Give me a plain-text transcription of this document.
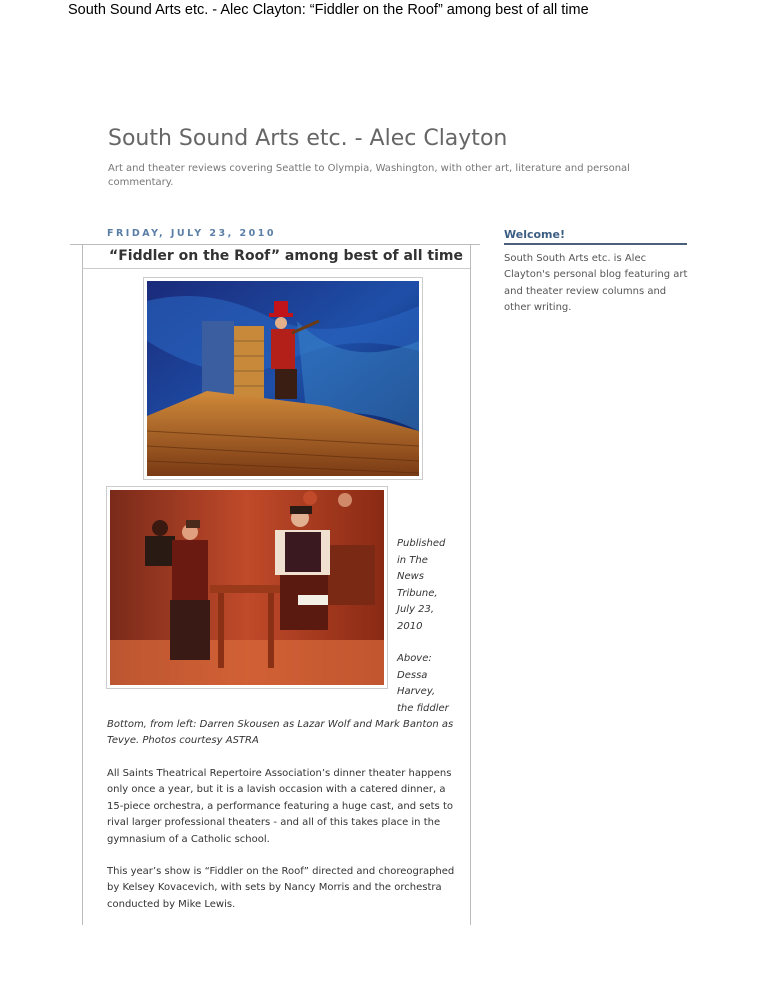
South Sound Arts etc. - Alec Clayton: “Fiddler on the Roof” among best of all time
South Sound Arts etc. - Alec Clayton
Art and theater reviews covering Seattle to Olympia, Washington, with other art, literature and personal commentary.
FRIDAY, JULY 23, 2010
“Fiddler on the Roof” among best of all time

Published
in The
News
Tribune,
July 23,
2010

Above:
Dessa
Harvey,
the fiddler

Bottom, from left: Darren Skousen as Lazar Wolf and Mark Banton as Tevye. Photos courtesy ASTRA
All Saints Theatrical Repertoire Association’s dinner theater happens only once a year, but it is a lavish occasion with a catered dinner, a 15-piece orchestra, a performance featuring a huge cast, and sets to rival larger professional theaters - and all of this takes place in the gymnasium of a Catholic school.
This year’s show is “Fiddler on the Roof” directed and choreographed by Kelsey Kovacevich, with sets by Nancy Morris and the orchestra conducted by Mike Lewis.
Welcome!
South South Arts etc. is Alec Clayton's personal blog featuring art and theater review columns and other writing.
